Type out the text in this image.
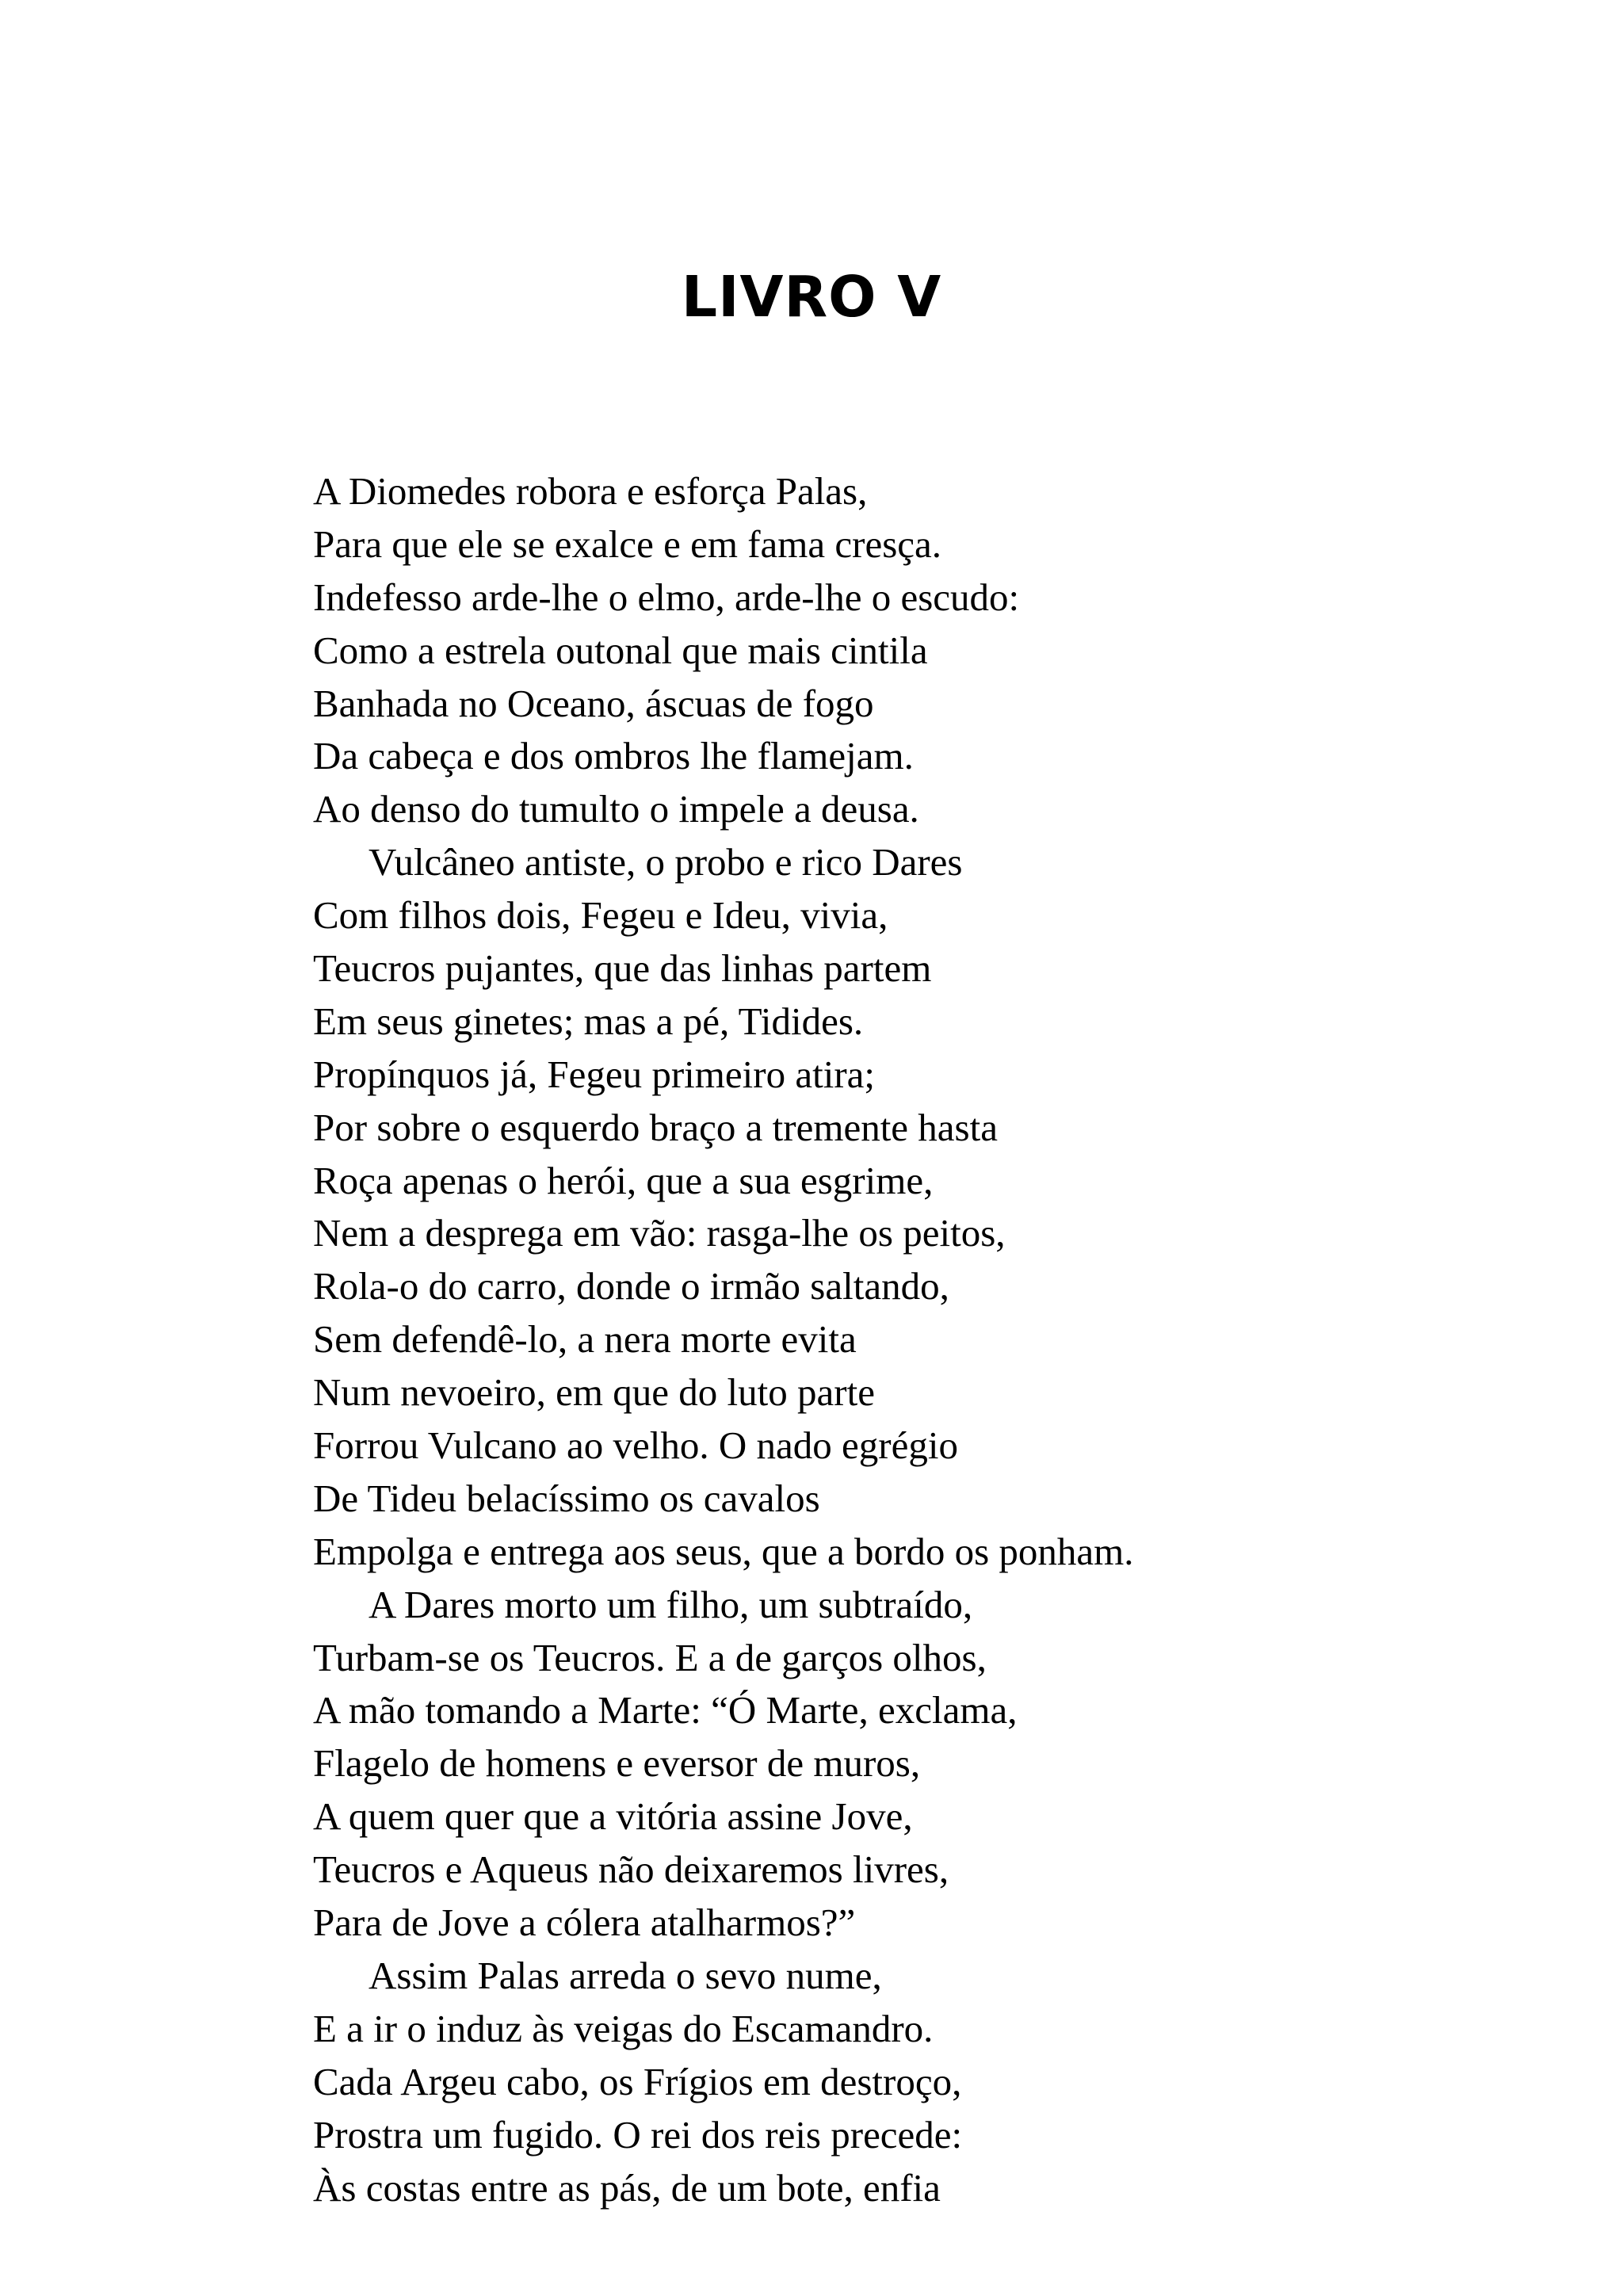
LIVRO V
A Diomedes robora e esforça Palas,
Para que ele se exalce e em fama cresça.
Indefesso arde-lhe o elmo, arde-lhe o escudo:
Como a estrela outonal que mais cintila
Banhada no Oceano, áscuas de fogo
Da cabeça e dos ombros lhe flamejam.
Ao denso do tumulto o impele a deusa.
Vulcâneo antiste, o probo e rico Dares
Com filhos dois, Fegeu e Ideu, vivia,
Teucros pujantes, que das linhas partem
Em seus ginetes; mas a pé, Tidides.
Propínquos já, Fegeu primeiro atira;
Por sobre o esquerdo braço a tremente hasta
Roça apenas o herói, que a sua esgrime,
Nem a desprega em vão: rasga-lhe os peitos,
Rola-o do carro, donde o irmão saltando,
Sem defendê-lo, a nera morte evita
Num nevoeiro, em que do luto parte
Forrou Vulcano ao velho. O nado egrégio
De Tideu belacíssimo os cavalos
Empolga e entrega aos seus, que a bordo os ponham.
A Dares morto um filho, um subtraído,
Turbam-se os Teucros. E a de garços olhos,
A mão tomando a Marte: “Ó Marte, exclama,
Flagelo de homens e eversor de muros,
A quem quer que a vitória assine Jove,
Teucros e Aqueus não deixaremos livres,
Para de Jove a cólera atalharmos?”
Assim Palas arreda o sevo nume,
E a ir o induz às veigas do Escamandro.
Cada Argeu cabo, os Frígios em destroço,
Prostra um fugido. O rei dos reis precede:
Às costas entre as pás, de um bote, enfia
